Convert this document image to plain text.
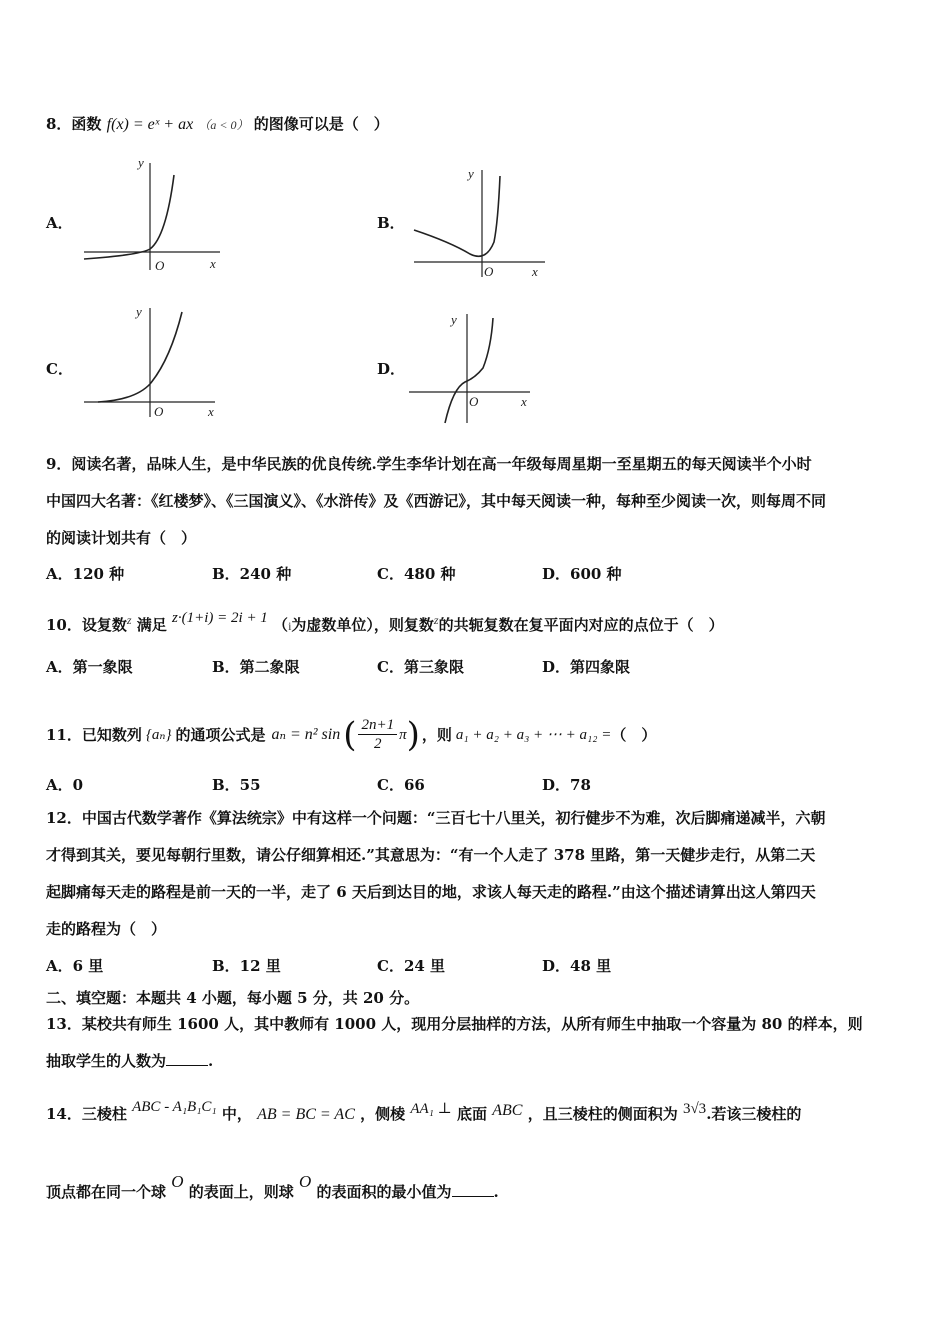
8．函数 f(x) = eˣ + ax （a < 0） 的图像可以是（　）
A．	B．
C．	D．
y
x
O
y
x
O
y
x
O
y
x
O
9．阅读名著，品味人生，是中华民族的优良传统.学生李华计划在高一年级每周星期一至星期五的每天阅读半个小时
中国四大名著：《红楼梦》、《三国演义》、《水浒传》及《西游记》，其中每天阅读一种，每种至少阅读一次，则每周不同
的阅读计划共有（　）
A．120 种	B．240 种	C．480 种	D．600 种
10．设复数$^z$ 满足 z·(1+i) = 2i + 1 （i为虚数单位），则复数$^z$的共轭复数在复平面内对应的点位于（　）
A．第一象限	B．第二象限	C．第三象限	D．第四象限
11．已知数列 {aₙ} 的通项公式是 aₙ = n² sin ( 2n+1
2
π ) ，则 a₁ + a₂ + a₃ + ⋯ + a₁₂ = （　）
A．0	B．55	C．66	D．78
12．中国古代数学著作《算法统宗》中有这样一个问题：“三百七十八里关，初行健步不为难，次后脚痛递减半，六朝
才得到其关，要见每朝行里数，请公仔细算相还.”其意思为：“有一个人走了 378 里路，第一天健步走行，从第二天
起脚痛每天走的路程是前一天的一半，走了 6 天后到达目的地，求该人每天走的路程.”由这个描述请算出这人第四天
走的路程为（　）
A．6 里	B．12 里	C．24 里	D．48 里
二、填空题：本题共 4 小题，每小题 5 分，共 20 分。
13．某校共有师生 1600 人，其中教师有 1000 人，现用分层抽样的方法，从所有师生中抽取一个容量为 80 的样本，则
抽取学生的人数为	.
14．三棱柱 ABC - A₁B₁C₁ 中， AB = BC = AC ，侧棱 AA₁ ⊥ 底面 ABC ，且三棱柱的侧面积为 3√3.若该三棱柱的
顶点都在同一个球 O 的表面上，则球 O 的表面积的最小值为	.
